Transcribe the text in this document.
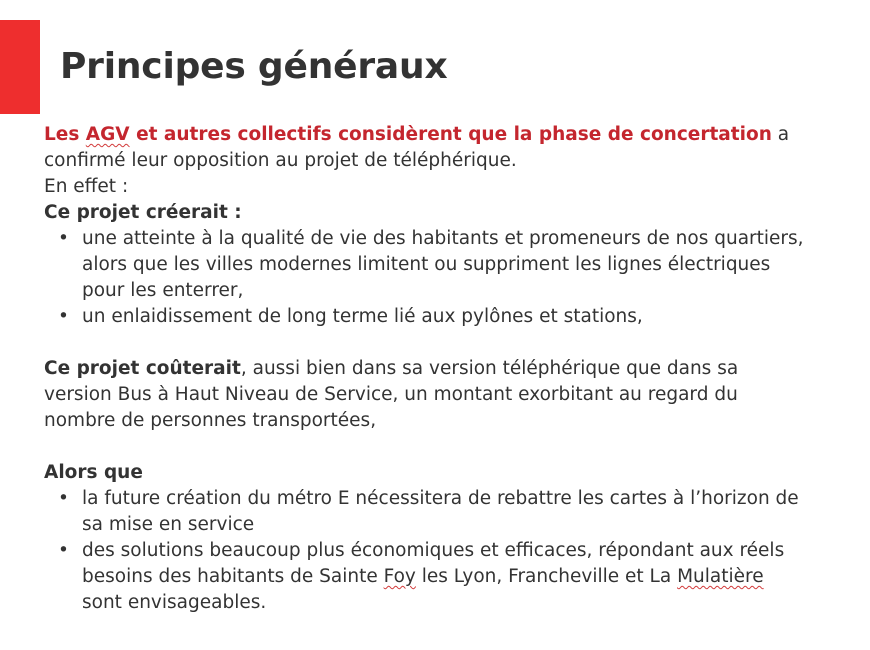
Principes généraux

Les AGV et autres collectifs considèrent que la phase de concertation a confirmé leur opposition au projet de téléphérique.

En effet :

Ce projet créerait :

• une atteinte à la qualité de vie des habitants et promeneurs de nos quartiers, alors que les villes modernes limitent ou suppriment les lignes électriques pour les enterrer,
• un enlaidissement de long terme lié aux pylônes et stations,

Ce projet coûterait, aussi bien dans sa version téléphérique que dans sa version Bus à Haut Niveau de Service, un montant exorbitant au regard du nombre de personnes transportées,

Alors que

• la future création du métro E nécessitera de rebattre les cartes à l’horizon de sa mise en service
• des solutions beaucoup plus économiques et efficaces, répondant aux réels besoins des habitants de Sainte Foy les Lyon, Francheville et La Mulatière sont envisageables.
